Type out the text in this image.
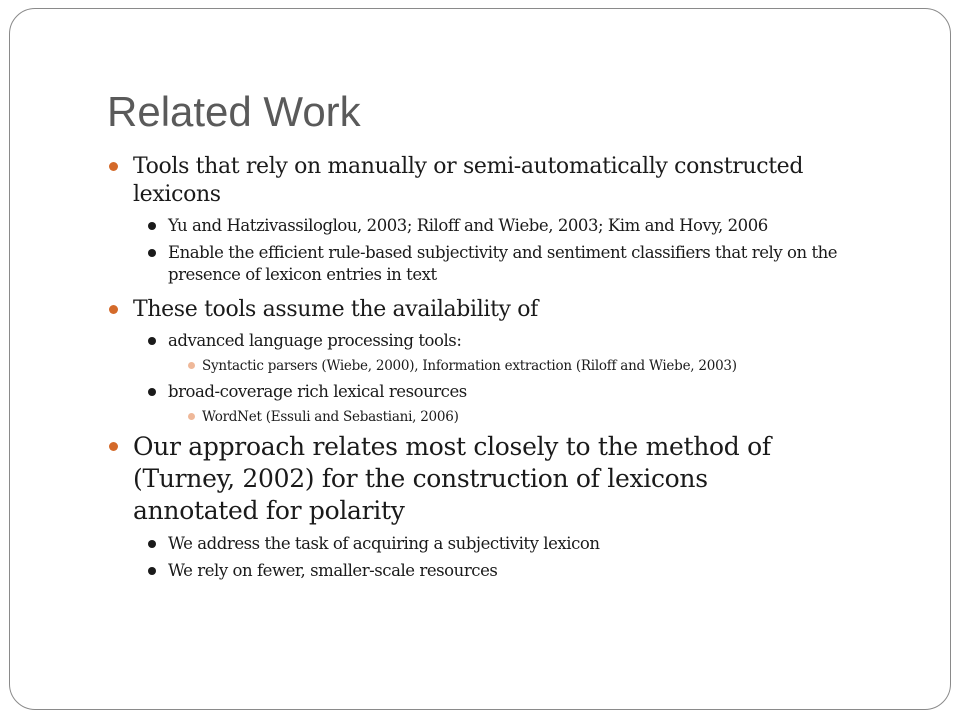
Related Work
Tools that rely on manually or semi-automatically constructed lexicons
Yu and Hatzivassiloglou, 2003; Riloff and Wiebe, 2003; Kim and Hovy, 2006
Enable the efficient rule-based subjectivity and sentiment classifiers that rely on the presence of lexicon entries in text
These tools assume the availability of
advanced language processing tools:
Syntactic parsers (Wiebe, 2000), Information extraction (Riloff and Wiebe, 2003)
broad-coverage rich lexical resources
WordNet (Essuli and Sebastiani, 2006)
Our approach relates most closely to the method of (Turney, 2002) for the construction of lexicons annotated for polarity
We address the task of acquiring a subjectivity lexicon
We rely on fewer, smaller-scale resources
